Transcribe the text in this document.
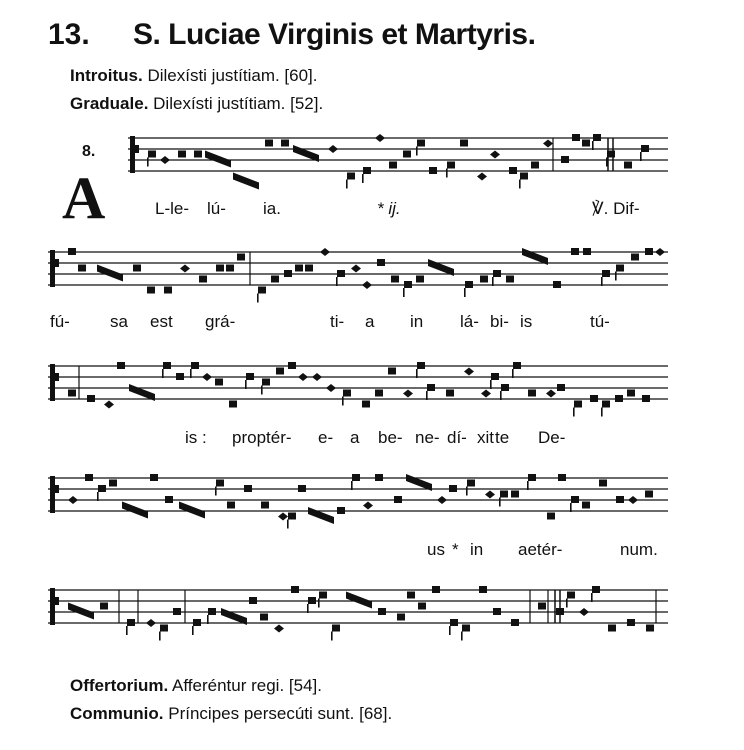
13. S. Luciae Virginis et Martyris.
Introitus. Dilexísti justítiam. [60].
Graduale. Dilexísti justítiam. [52].
8.
A	L-le- lú- ia.	* ij.	℣. Dif-
fú- sa est grá-	ti- a in lá- bi- is	tú-
is : proptér- e- a be- ne- dí- xit te De-
us * in aetér-	num.
Offertorium. Afferéntur regi. [54].
Communio. Príncipes persecúti sunt. [68].
